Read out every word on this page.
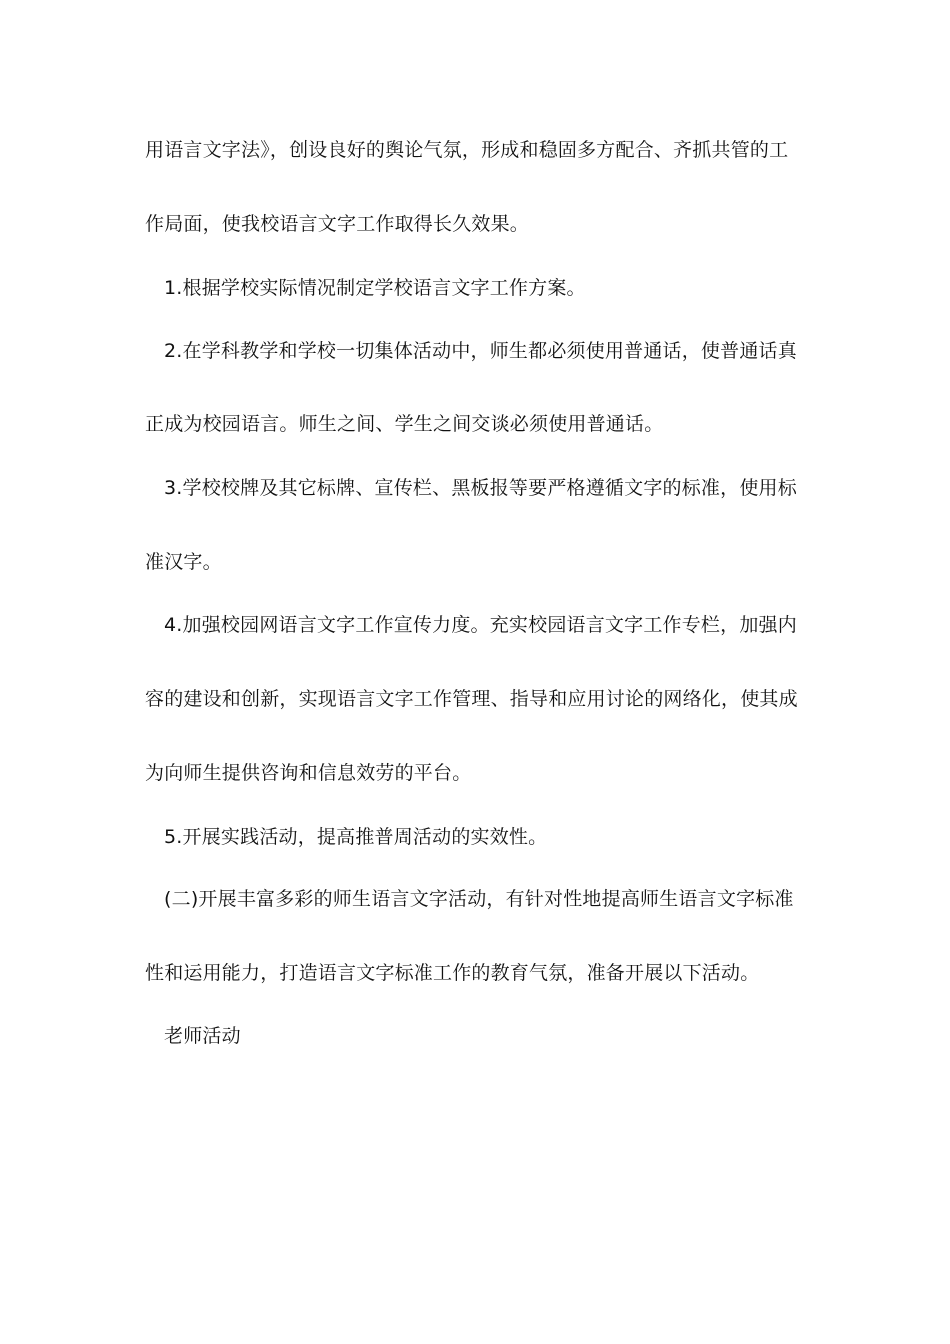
用语言文字法》，创设良好的舆论气氛，形成和稳固多方配合、齐抓共管的工
作局面，使我校语言文字工作取得长久效果。
1.根据学校实际情况制定学校语言文字工作方案。
2.在学科教学和学校一切集体活动中，师生都必须使用普通话，使普通话真
正成为校园语言。师生之间、学生之间交谈必须使用普通话。
3.学校校牌及其它标牌、宣传栏、黑板报等要严格遵循文字的标准，使用标
准汉字。
4.加强校园网语言文字工作宣传力度。充实校园语言文字工作专栏，加强内
容的建设和创新，实现语言文字工作管理、指导和应用讨论的网络化，使其成
为向师生提供咨询和信息效劳的平台。
5.开展实践活动，提高推普周活动的实效性。
(二)开展丰富多彩的师生语言文字活动，有针对性地提高师生语言文字标准
性和运用能力，打造语言文字标准工作的教育气氛，准备开展以下活动。
老师活动
